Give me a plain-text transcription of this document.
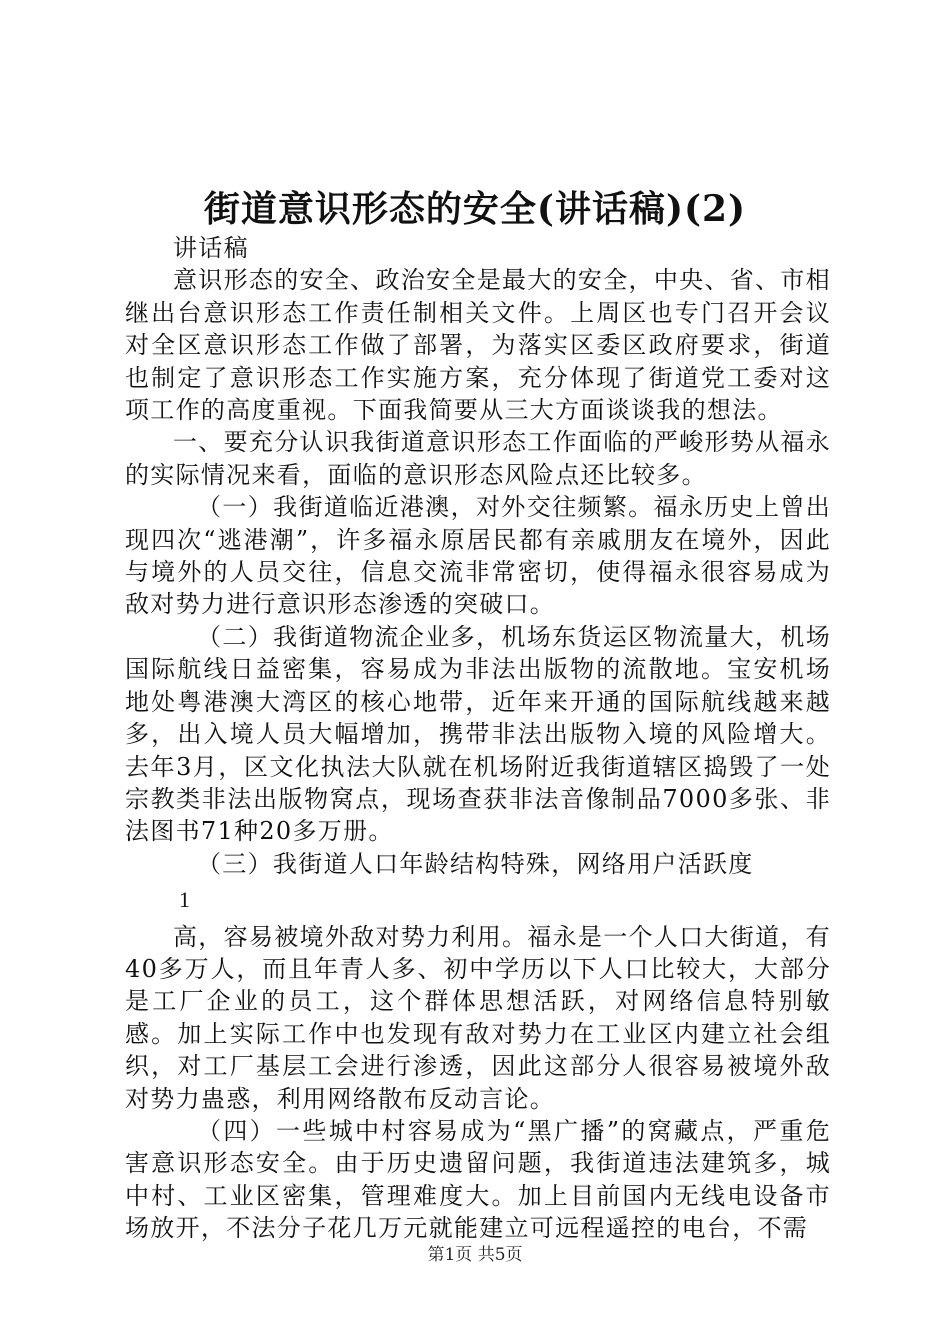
街道意识形态的安全(讲话稿)(2)

讲话稿

意识形态的安全、政治安全是最大的安全，中央、省、市相继出台意识形态工作责任制相关文件。上周区也专门召开会议对全区意识形态工作做了部署，为落实区委区政府要求，街道也制定了意识形态工作实施方案，充分体现了街道党工委对这项工作的高度重视。下面我简要从三大方面谈谈我的想法。

一、要充分认识我街道意识形态工作面临的严峻形势从福永的实际情况来看，面临的意识形态风险点还比较多。

（一）我街道临近港澳，对外交往频繁。福永历史上曾出现四次“逃港潮”，许多福永原居民都有亲戚朋友在境外，因此与境外的人员交往，信息交流非常密切，使得福永很容易成为敌对势力进行意识形态渗透的突破口。

（二）我街道物流企业多，机场东货运区物流量大，机场国际航线日益密集，容易成为非法出版物的流散地。宝安机场地处粤港澳大湾区的核心地带，近年来开通的国际航线越来越多，出入境人员大幅增加，携带非法出版物入境的风险增大。去年3月，区文化执法大队就在机场附近我街道辖区捣毁了一处宗教类非法出版物窝点，现场查获非法音像制品7000多张、非法图书71种20多万册。

（三）我街道人口年龄结构特殊，网络用户活跃度

1

高，容易被境外敌对势力利用。福永是一个人口大街道，有40多万人，而且年青人多、初中学历以下人口比较大，大部分是工厂企业的员工，这个群体思想活跃，对网络信息特别敏感。加上实际工作中也发现有敌对势力在工业区内建立社会组织，对工厂基层工会进行渗透，因此这部分人很容易被境外敌对势力蛊惑，利用网络散布反动言论。

（四）一些城中村容易成为“黑广播”的窝藏点，严重危害意识形态安全。由于历史遗留问题，我街道违法建筑多，城中村、工业区密集，管理难度大。加上目前国内无线电设备市场放开，不法分子花几万元就能建立可远程遥控的电台，不需

第1页 共5页
